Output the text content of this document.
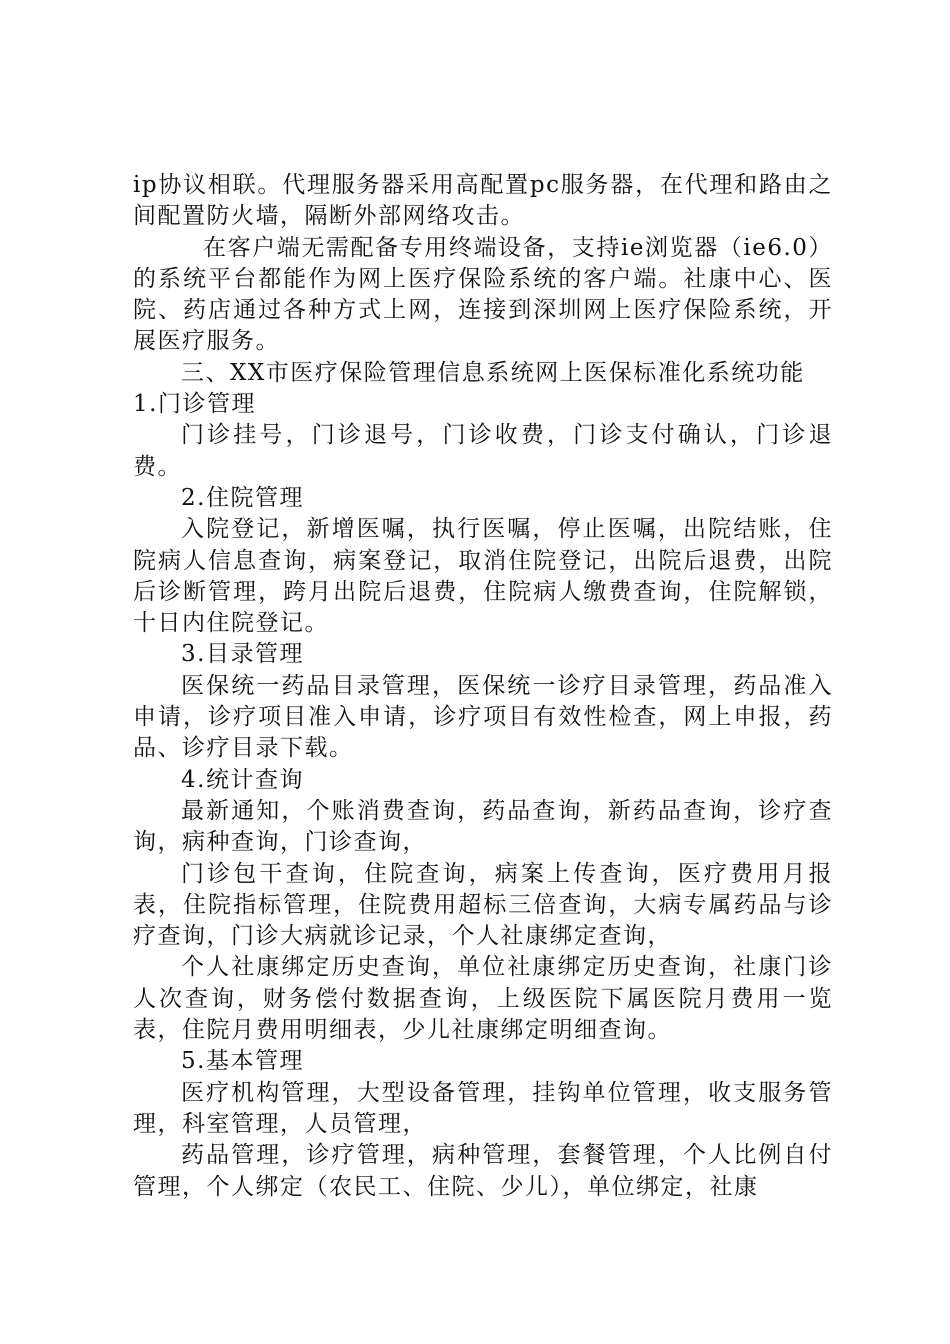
ip协议相联。代理服务器采用高配置pc服务器，在代理和路由之间配置防火墙，隔断外部网络攻击。

在客户端无需配备专用终端设备，支持ie浏览器（ie6.0）的系统平台都能作为网上医疗保险系统的客户端。社康中心、医院、药店通过各种方式上网，连接到深圳网上医疗保险系统，开展医疗服务。

三、XX市医疗保险管理信息系统网上医保标准化系统功能

1.门诊管理

门诊挂号，门诊退号，门诊收费，门诊支付确认，门诊退费。

2.住院管理

入院登记，新增医嘱，执行医嘱，停止医嘱，出院结账，住院病人信息查询，病案登记，取消住院登记，出院后退费，出院后诊断管理，跨月出院后退费，住院病人缴费查询，住院解锁，十日内住院登记。

3.目录管理

医保统一药品目录管理，医保统一诊疗目录管理，药品准入申请，诊疗项目准入申请，诊疗项目有效性检查，网上申报，药品、诊疗目录下载。

4.统计查询

最新通知，个账消费查询，药品查询，新药品查询，诊疗查询，病种查询，门诊查询，

门诊包干查询，住院查询，病案上传查询，医疗费用月报表，住院指标管理，住院费用超标三倍查询，大病专属药品与诊疗查询，门诊大病就诊记录，个人社康绑定查询，

个人社康绑定历史查询，单位社康绑定历史查询，社康门诊人次查询，财务偿付数据查询，上级医院下属医院月费用一览表，住院月费用明细表，少儿社康绑定明细查询。

5.基本管理

医疗机构管理，大型设备管理，挂钩单位管理，收支服务管理，科室管理，人员管理，

药品管理，诊疗管理，病种管理，套餐管理，个人比例自付管理，个人绑定（农民工、住院、少儿），单位绑定，社康
